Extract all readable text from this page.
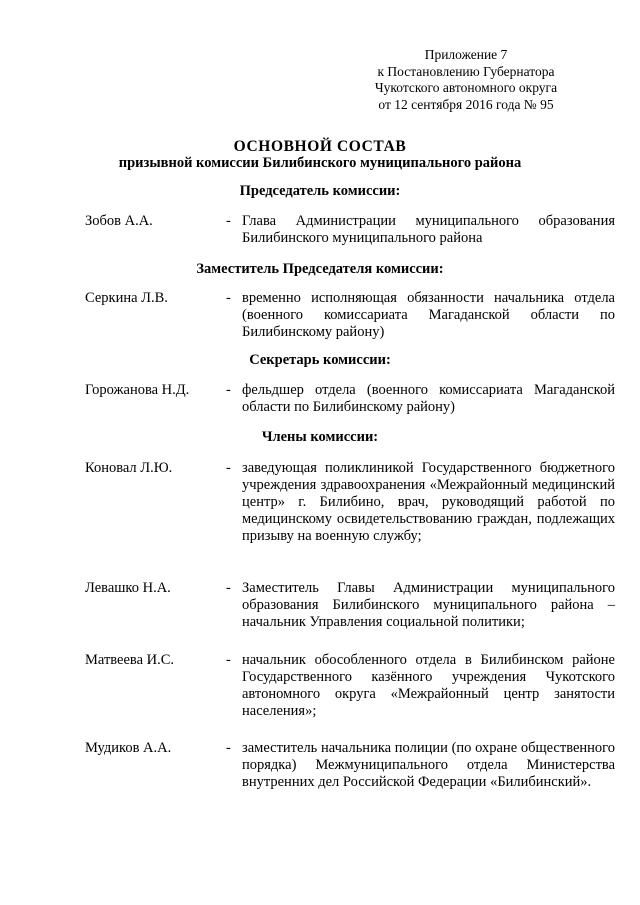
Приложение 7
к Постановлению Губернатора
Чукотского автономного округа
от 12 сентября 2016 года № 95
ОСНОВНОЙ СОСТАВ
призывной комиссии Билибинского муниципального района
Председатель комиссии:
Зобов А.А.	- Глава Администрации муниципального образования Билибинского муниципального района
Заместитель Председателя комиссии:
Серкина Л.В.	- временно исполняющая обязанности начальника отдела (военного комиссариата Магаданской области по Билибинскому району)
Секретарь комиссии:
Горожанова Н.Д.	- фельдшер отдела (военного комиссариата Магаданской области по Билибинскому району)
Члены комиссии:
Коновал Л.Ю.	- заведующая поликлиникой Государственного бюджетного учреждения здравоохранения «Межрайонный медицинский центр» г. Билибино, врач, руководящий работой по медицинскому освидетельствованию граждан, подлежащих призыву на военную службу;
Левашко Н.А.	- Заместитель Главы Администрации муниципального образования Билибинского муниципального района – начальник Управления социальной политики;
Матвеева И.С.	- начальник обособленного отдела в Билибинском районе Государственного казённого учреждения Чукотского автономного округа «Межрайонный центр занятости населения»;
Мудиков А.А.	- заместитель начальника полиции (по охране общественного порядка) Межмуниципального отдела Министерства внутренних дел Российской Федерации «Билибинский».
